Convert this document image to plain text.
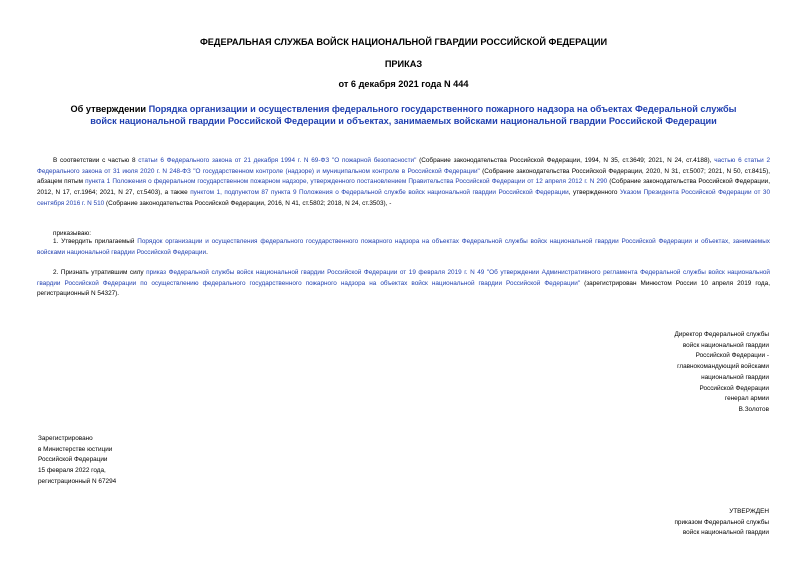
ФЕДЕРАЛЬНАЯ СЛУЖБА ВОЙСК НАЦИОНАЛЬНОЙ ГВАРДИИ РОССИЙСКОЙ ФЕДЕРАЦИИ
ПРИКАЗ
от 6 декабря 2021 года N 444
Об утверждении Порядка организации и осуществления федерального государственного пожарного надзора на объектах Федеральной службы войск национальной гвардии Российской Федерации и объектах, занимаемых войсками национальной гвардии Российской Федерации
В соответствии с частью 8 статьи 6 Федерального закона от 21 декабря 1994 г. N 69-ФЗ "О пожарной безопасности" (Собрание законодательства Российской Федерации, 1994, N 35, ст.3649; 2021, N 24, ст.4188), частью 6 статьи 2 Федерального закона от 31 июля 2020 г. N 248-ФЗ "О государственном контроле (надзоре) и муниципальном контроле в Российской Федерации" (Собрание законодательства Российской Федерации, 2020, N 31, ст.5007; 2021, N 50, ст.8415), абзацем пятым пункта 1 Положения о федеральном государственном пожарном надзоре, утвержденного постановлением Правительства Российской Федерации от 12 апреля 2012 г. N 290 (Собрание законодательства Российской Федерации, 2012, N 17, ст.1964; 2021, N 27, ст.5403), а также пунктом 1, подпунктом 87 пункта 9 Положения о Федеральной службе войск национальной гвардии Российской Федерации, утвержденного Указом Президента Российской Федерации от 30 сентября 2016 г. N 510 (Собрание законодательства Российской Федерации, 2016, N 41, ст.5802; 2018, N 24, ст.3503), -
приказываю:
1. Утвердить прилагаемый Порядок организации и осуществления федерального государственного пожарного надзора на объектах Федеральной службы войск национальной гвардии Российской Федерации и объектах, занимаемых войсками национальной гвардии Российской Федерации.
2. Признать утратившим силу приказ Федеральной службы войск национальной гвардии Российской Федерации от 19 февраля 2019 г. N 49 "Об утверждении Административного регламента Федеральной службы войск национальной гвардии Российской Федерации по осуществлению федерального государственного пожарного надзора на объектах войск национальной гвардии Российской Федерации" (зарегистрирован Минюстом России 10 апреля 2019 года, регистрационный N 54327).
Директор Федеральной службы
войск национальной гвардии
Российской Федерации -
главнокомандующий войсками
национальной гвардии
Российской Федерации
генерал армии
В.Золотов
Зарегистрировано
в Министерстве юстиции
Российской Федерации
15 февраля 2022 года,
регистрационный N 67294
УТВЕРЖДЕН
приказом Федеральной службы
войск национальной гвардии
